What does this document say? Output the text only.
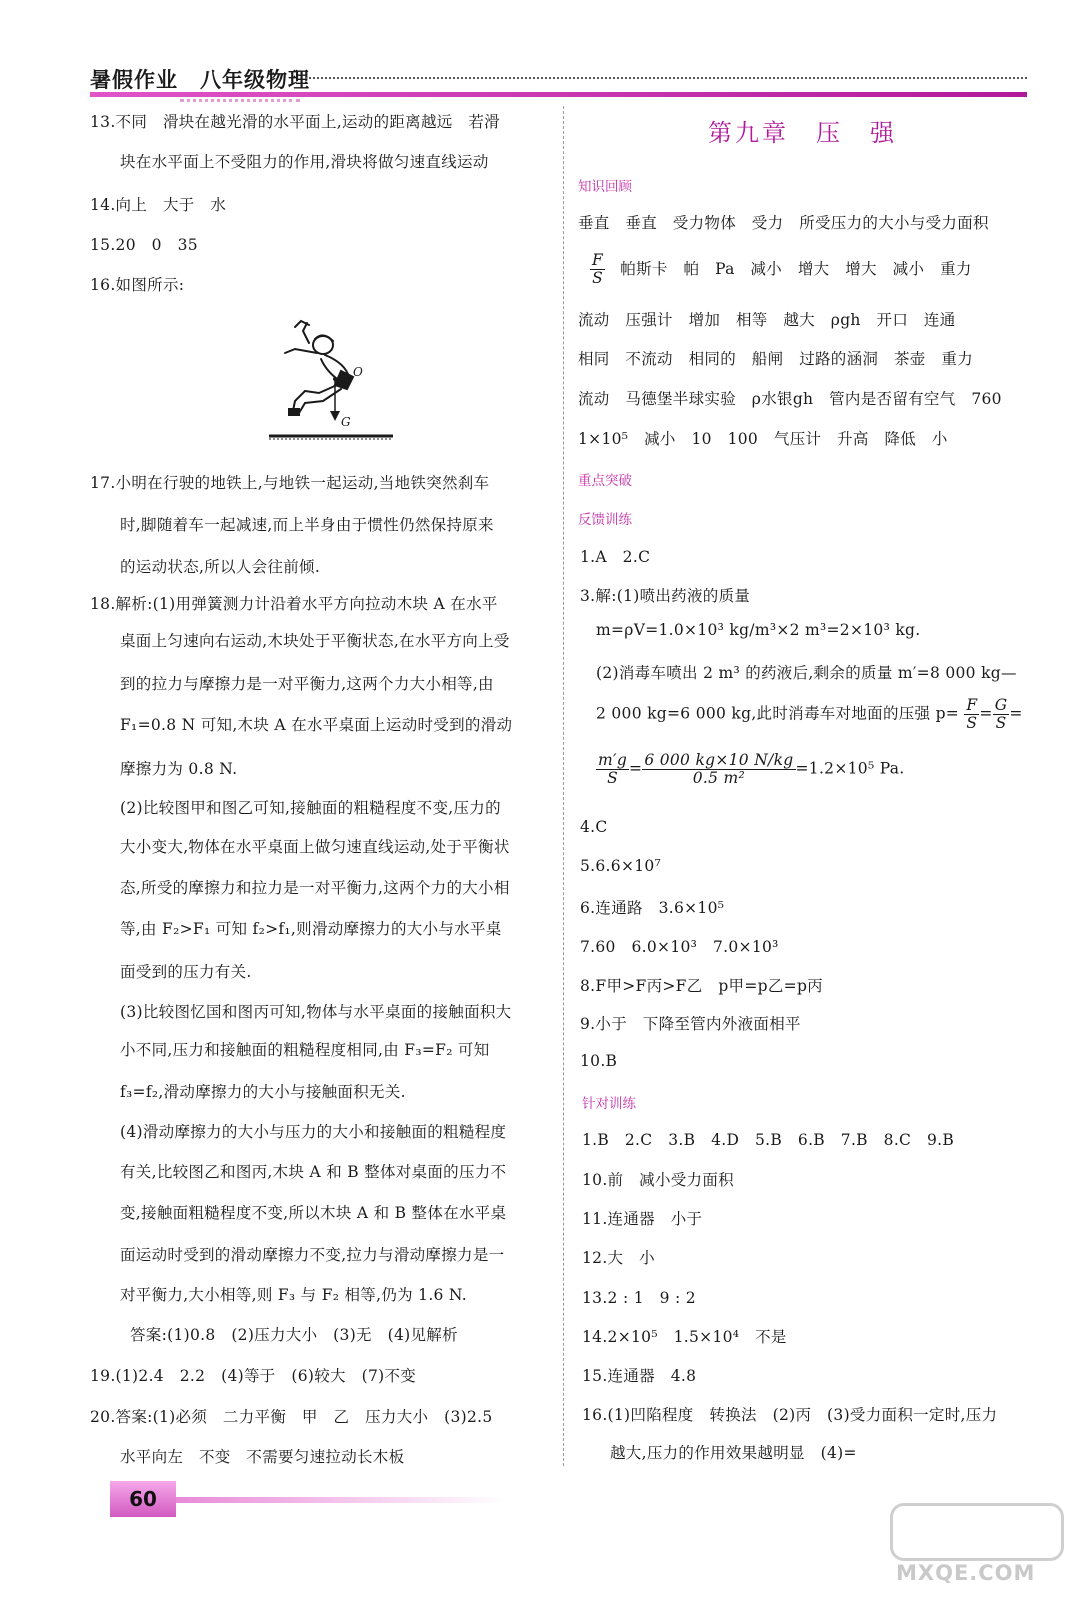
暑假作业　八年级物理
13.不同　滑块在越光滑的水平面上,运动的距离越远　若滑
块在水平面上不受阻力的作用,滑块将做匀速直线运动
14.向上　大于　水
15.20　0　35
16.如图所示:
O
G
17.小明在行驶的地铁上,与地铁一起运动,当地铁突然刹车
时,脚随着车一起减速,而上半身由于惯性仍然保持原来
的运动状态,所以人会往前倾.
18.解析:(1)用弹簧测力计沿着水平方向拉动木块 A 在水平
桌面上匀速向右运动,木块处于平衡状态,在水平方向上受
到的拉力与摩擦力是一对平衡力,这两个力大小相等,由
F₁=0.8 N 可知,木块 A 在水平桌面上运动时受到的滑动
摩擦力为 0.8 N.
(2)比较图甲和图乙可知,接触面的粗糙程度不变,压力的
大小变大,物体在水平桌面上做匀速直线运动,处于平衡状
态,所受的摩擦力和拉力是一对平衡力,这两个力的大小相
等,由 F₂>F₁ 可知 f₂>f₁,则滑动摩擦力的大小与水平桌
面受到的压力有关.
(3)比较图忆国和图丙可知,物体与水平桌面的接触面积大
小不同,压力和接触面的粗糙程度相同,由 F₃=F₂ 可知
f₃=f₂,滑动摩擦力的大小与接触面积无关.
(4)滑动摩擦力的大小与压力的大小和接触面的粗糙程度
有关,比较图乙和图丙,木块 A 和 B 整体对桌面的压力不
变,接触面粗糙程度不变,所以木块 A 和 B 整体在水平桌
面运动时受到的滑动摩擦力不变,拉力与滑动摩擦力是一
对平衡力,大小相等,则 F₃ 与 F₂ 相等,仍为 1.6 N.
答案:(1)0.8　(2)压力大小　(3)无　(4)见解析
19.(1)2.4　2.2　(4)等于　(6)较大　(7)不变
20.答案:(1)必须　二力平衡　甲　乙　压力大小　(3)2.5
水平向左　不变　不需要匀速拉动长木板
第九章　压　强
知识回顾
垂直　垂直　受力物体　受力　所受压力的大小与受力面积
$\frac{F}{S}$ 帕斯卡　帕　Pa　减小　增大　增大　减小　重力
流动　压强计　增加　相等　越大　ρgh　开口　连通
相同　不流动　相同的　船闸　过路的涵洞　茶壶　重力
流动　马德堡半球实验　ρ水银gh　管内是否留有空气　760
1×10⁵　减小　10　100　气压计　升高　降低　小
重点突破
反馈训练
1.A　2.C
3.解:(1)喷出药液的质量
m=ρV=1.0×10³ kg/m³×2 m³=2×10³ kg.
(2)消毒车喷出 2 m³ 的药液后,剩余的质量 m′=8 000 kg—
2 000 kg=6 000 kg,此时消毒车对地面的压强 $p= \frac{F}{S} = \frac{G}{S}$ =
$\frac{m'g}{S} = \frac{6 000 kg\times 10 N/kg}{\text{0.5 m²}} =1.2\times 10^5$ Pa.
4.C
5.6.6×10⁷
6.连通路　3.6×10⁵
7.60　6.0×10³　7.0×10³
8.F甲>F丙>F乙　p甲=p乙=p丙
9.小于　下降至管内外液面相平
10.B
针对训练
1.B　2.C　3.B　4.D　5.B　6.B　7.B　8.C　9.B
10.前　减小受力面积
11.连通器　小于
12.大　小
13.2 : 1　9 : 2
14.2×10⁵　1.5×10⁴　不是
15.连通器　4.8
16.(1)凹陷程度　转换法　(2)丙　(3)受力面积一定时,压力
越大,压力的作用效果越明显　(4)=
60
MXQE.COM
